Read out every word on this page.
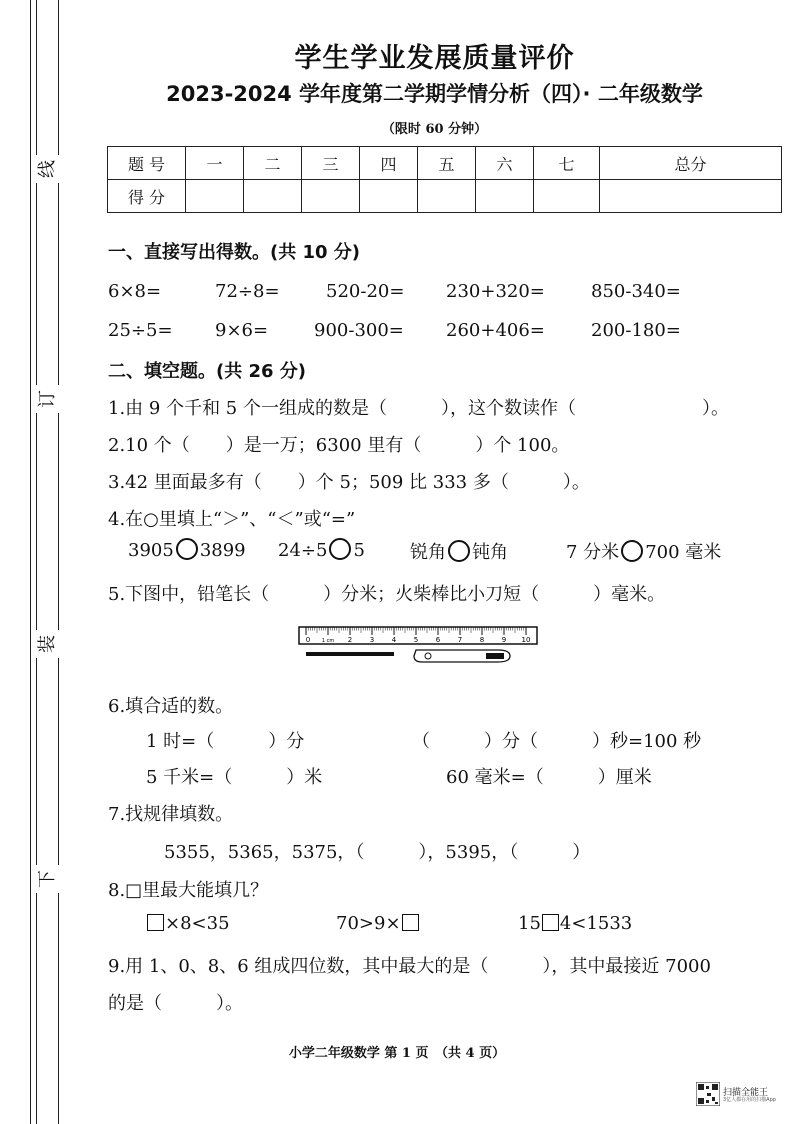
线
订
装
下
学生学业发展质量评价
2023-2024 学年度第二学期学情分析（四）· 二年级数学
（限时 60 分钟）
题 号	一	二	三	四	五	六	七	总分
得 分								
一、直接写出得数。(共 10 分)
6×8=	72÷8=	520-20= 230+320=	850-340=
25÷5= 9×6=	900-300= 260+406=	200-180=
二、填空题。(共 26 分)
1.由 9 个千和 5 个一组成的数是（　　　），这个数读作（　　　　　　　）。
2.10 个（　　）是一万；6300 里有（　　　）个 100。
3.42 里面最多有（　　）个 5；509 比 333 多（　　　）。
4.在○里填上“＞”、“＜”或“=”
3905 3899 24÷5 5	锐角 钝角	7 分米 700 毫米
5.下图中，铅笔长（　　　）分米；火柴棒比小刀短（　　　）毫米。
0 1 cm 2	3	4	5	6	7	8	9 10
6.填合适的数。
1 时=（　　　）分	（　　　）分（　　　）秒=100 秒
5 千米=（　　　）米	60 毫米=（　　　）厘米
7.找规律填数。
5355，5365，5375，（　　　），5395，（　　　）
8.□里最大能填几？
×8<35	70>9×	15 4<1533
9.用 1、0、8、6 组成四位数，其中最大的是（　　　），其中最接近 7000
的是（　　　）。
小学二年级数学 第 1 页　（共 4 页）
扫描全能王
3亿人都在用的扫描App
